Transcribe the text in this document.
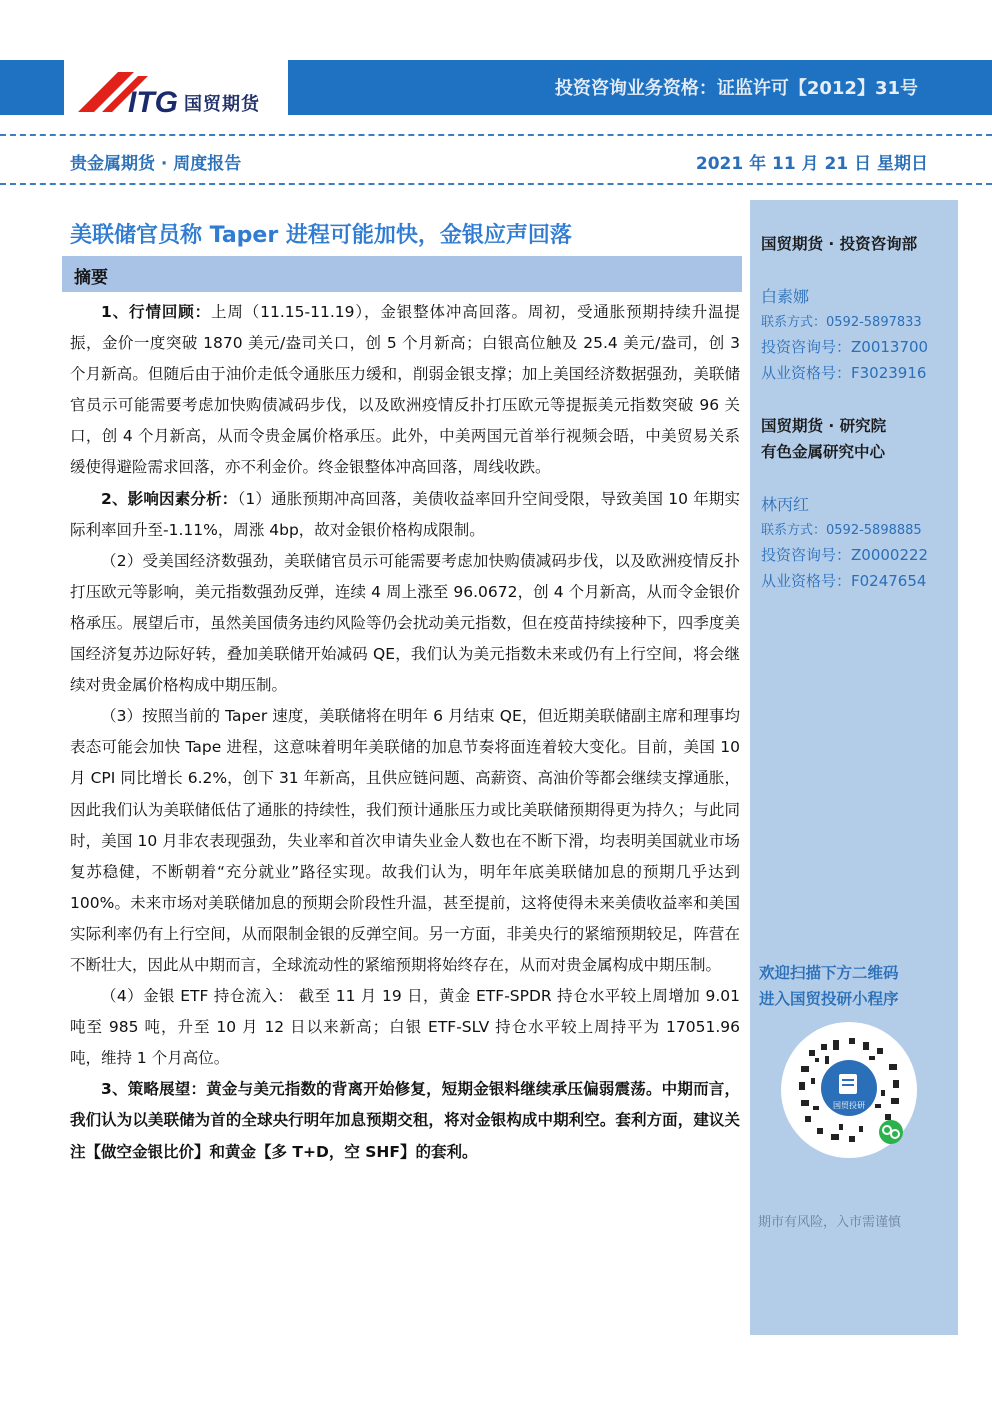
ITG 国贸期货
投资咨询业务资格：证监许可【2012】31号
贵金属期货 · 周度报告	2021 年 11 月 21 日 星期日
美联储官员称 Taper 进程可能加快，金银应声回落
摘要

1、行情回顾：上周（11.15-11.19），金银整体冲高回落。周初，受通胀预期持续升温提振，金价一度突破 1870 美元/盎司关口，创 5 个月新高；白银高位触及 25.4 美元/盎司，创 3 个月新高。但随后由于油价走低令通胀压力缓和，削弱金银支撑；加上美国经济数据强劲，美联储官员示可能需要考虑加快购债减码步伐，以及欧洲疫情反扑打压欧元等提振美元指数突破 96 关口，创 4 个月新高，从而令贵金属价格承压。此外，中美两国元首举行视频会晤，中美贸易关系缓使得避险需求回落，亦不利金价。终金银整体冲高回落，周线收跌。

2、影响因素分析：（1）通胀预期冲高回落，美债收益率回升空间受限，导致美国 10 年期实际利率回升至-1.11%，周涨 4bp，故对金银价格构成限制。

（2）受美国经济数强劲，美联储官员示可能需要考虑加快购债减码步伐，以及欧洲疫情反扑打压欧元等影响，美元指数强劲反弹，连续 4 周上涨至 96.0672，创 4 个月新高，从而令金银价格承压。展望后市，虽然美国债务违约风险等仍会扰动美元指数，但在疫苗持续接种下，四季度美国经济复苏边际好转，叠加美联储开始减码 QE，我们认为美元指数未来或仍有上行空间，将会继续对贵金属价格构成中期压制。

（3）按照当前的 Taper 速度，美联储将在明年 6 月结束 QE，但近期美联储副主席和理事均表态可能会加快 Tape 进程，这意味着明年美联储的加息节奏将面连着较大变化。目前，美国 10 月 CPI 同比增长 6.2%，创下 31 年新高，且供应链问题、高薪资、高油价等都会继续支撑通胀，因此我们认为美联储低估了通胀的持续性，我们预计通胀压力或比美联储预期得更为持久；与此同时，美国 10 月非农表现强劲，失业率和首次申请失业金人数也在不断下滑，均表明美国就业市场复苏稳健，不断朝着“充分就业”路径实现。故我们认为，明年年底美联储加息的预期几乎达到 100%。未来市场对美联储加息的预期会阶段性升温，甚至提前，这将使得未来美债收益率和美国实际利率仍有上行空间，从而限制金银的反弹空间。另一方面，非美央行的紧缩预期较足，阵营在不断壮大，因此从中期而言，全球流动性的紧缩预期将始终存在，从而对贵金属构成中期压制。

（4）金银 ETF 持仓流入： 截至 11 月 19 日，黄金 ETF-SPDR 持仓水平较上周增加 9.01 吨至 985 吨，升至 10 月 12 日以来新高；白银 ETF-SLV 持仓水平较上周持平为 17051.96 吨，维持 1 个月高位。

3、策略展望：黄金与美元指数的背离开始修复，短期金银料继续承压偏弱震荡。中期而言，我们认为以美联储为首的全球央行明年加息预期交租，将对金银构成中期利空。套利方面，建议关注【做空金银比价】和黄金【多 T+D，空 SHF】的套利。

国贸期货 · 投资咨询部
白素娜
联系方式：0592-5897833
投资咨询号：Z0013700
从业资格号：F3023916
国贸期货 · 研究院
有色金属研究中心
林丙红
联系方式：0592-5898885
投资咨询号：Z0000222
从业资格号：F0247654
欢迎扫描下方二维码
进入国贸投研小程序
国贸投研
期市有风险，入市需谨慎
